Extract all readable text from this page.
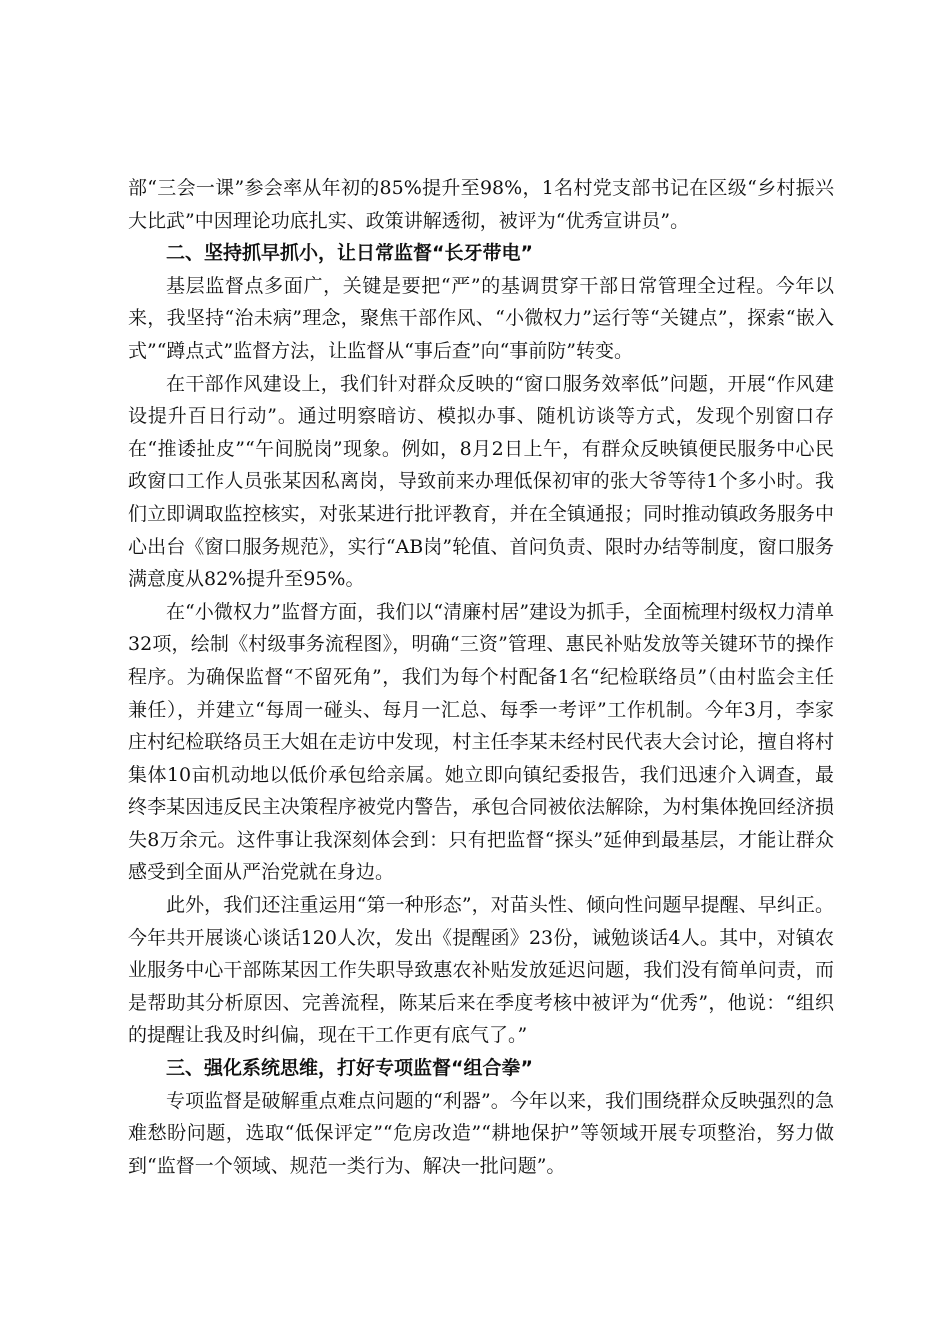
部“三会一课”参会率从年初的85%提升至98%，1名村党支部书记在区级“乡村振兴大比武”中因理论功底扎实、政策讲解透彻，被评为“优秀宣讲员”。

二、坚持抓早抓小，让日常监督“长牙带电”

基层监督点多面广，关键是要把“严”的基调贯穿干部日常管理全过程。今年以来，我坚持“治未病”理念，聚焦干部作风、“小微权力”运行等“关键点”，探索“嵌入式”“蹲点式”监督方法，让监督从“事后查”向“事前防”转变。

在干部作风建设上，我们针对群众反映的“窗口服务效率低”问题，开展“作风建设提升百日行动”。通过明察暗访、模拟办事、随机访谈等方式，发现个别窗口存在“推诿扯皮”“午间脱岗”现象。例如，8月2日上午，有群众反映镇便民服务中心民政窗口工作人员张某因私离岗，导致前来办理低保初审的张大爷等待1个多小时。我们立即调取监控核实，对张某进行批评教育，并在全镇通报；同时推动镇政务服务中心出台《窗口服务规范》，实行“AB岗”轮值、首问负责、限时办结等制度，窗口服务满意度从82%提升至95%。

在“小微权力”监督方面，我们以“清廉村居”建设为抓手，全面梳理村级权力清单32项，绘制《村级事务流程图》，明确“三资”管理、惠民补贴发放等关键环节的操作程序。为确保监督“不留死角”，我们为每个村配备1名“纪检联络员”（由村监会主任兼任），并建立“每周一碰头、每月一汇总、每季一考评”工作机制。今年3月，李家庄村纪检联络员王大姐在走访中发现，村主任李某未经村民代表大会讨论，擅自将村集体10亩机动地以低价承包给亲属。她立即向镇纪委报告，我们迅速介入调查，最终李某因违反民主决策程序被党内警告，承包合同被依法解除，为村集体挽回经济损失8万余元。这件事让我深刻体会到：只有把监督“探头”延伸到最基层，才能让群众感受到全面从严治党就在身边。

此外，我们还注重运用“第一种形态”，对苗头性、倾向性问题早提醒、早纠正。今年共开展谈心谈话120人次，发出《提醒函》23份，诫勉谈话4人。其中，对镇农业服务中心干部陈某因工作失职导致惠农补贴发放延迟问题，我们没有简单问责，而是帮助其分析原因、完善流程，陈某后来在季度考核中被评为“优秀”，他说：“组织的提醒让我及时纠偏，现在干工作更有底气了。”

三、强化系统思维，打好专项监督“组合拳”

专项监督是破解重点难点问题的“利器”。今年以来，我们围绕群众反映强烈的急难愁盼问题，选取“低保评定”“危房改造”“耕地保护”等领域开展专项整治，努力做到“监督一个领域、规范一类行为、解决一批问题”。
